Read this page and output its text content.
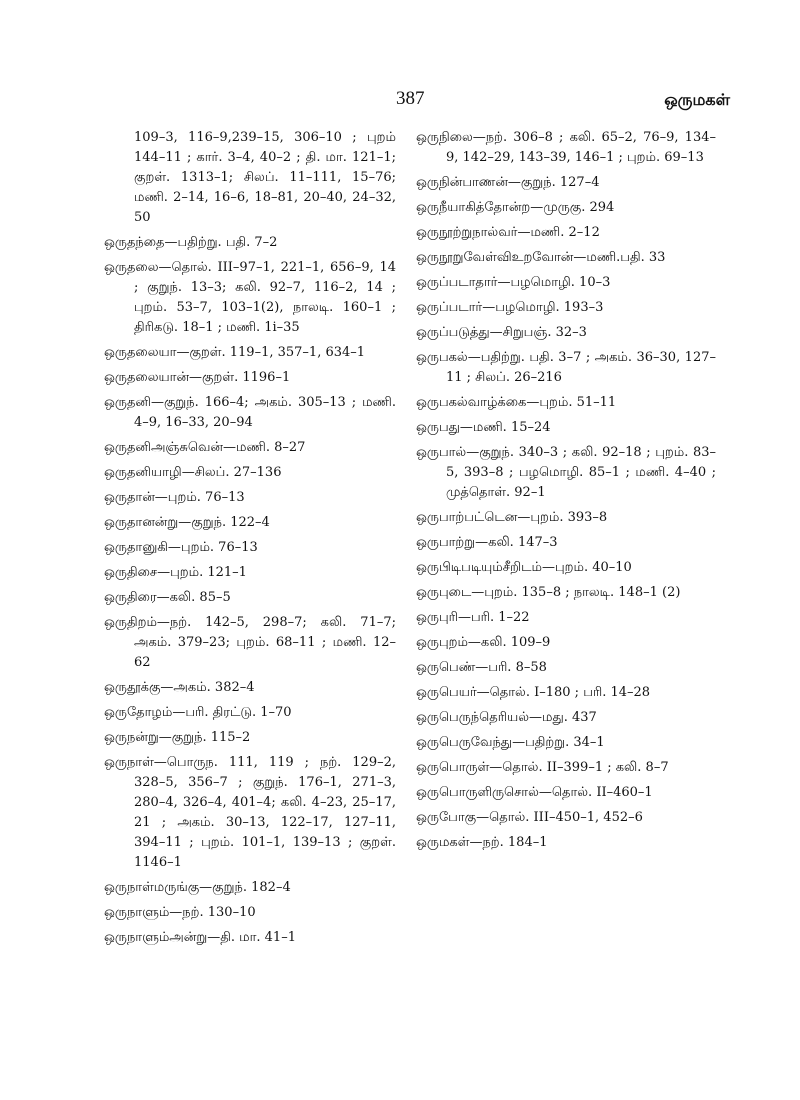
387	ஒருமகள்

109–3, 116–9,239–15, 306–10 ; புறம் 144–11 ; கார். 3–4, 40–2 ; தி. மா. 121–1; குறள். 1313–1; சிலப். 11–111, 15–76; மணி. 2–14, 16–6, 18–81, 20–40, 24–32, 50

ஒருதந்தை—பதிற்று. பதி. 7–2

ஒருதலை—தொல். III–97–1, 221–1, 656–9, 14 ; குறுந். 13–3; கலி. 92–7, 116–2, 14 ; புறம். 53–7, 103–1(2), நாலடி. 160–1 ; திரிகடு. 18–1 ; மணி. 1i–35

ஒருதலையா—குறள். 119–1, 357–1, 634–1

ஒருதலையான்—குறள். 1196–1

ஒருதனி—குறுந். 166–4; அகம். 305–13 ; மணி. 4–9, 16–33, 20–94

ஒருதனிஅஞ்சுவென்—மணி. 8–27

ஒருதனியாழி—சிலப். 27–136

ஒருதான்—புறம். 76–13

ஒருதானன்று—குறுந். 122–4

ஒருதானுகி—புறம். 76–13

ஒருதிசை—புறம். 121–1

ஒருதிரை—கலி. 85–5

ஒருதிறம்—நற். 142–5, 298–7; கலி. 71–7; அகம். 379–23; புறம். 68–11 ; மணி. 12–62

ஒருதூக்கு—அகம். 382–4

ஒருதோழம்—பரி. திரட்டு. 1–70

ஒருநன்று—குறுந். 115–2

ஒருநாள்—பொருந. 111, 119 ; நற். 129–2, 328–5, 356–7 ; குறுந். 176–1, 271–3, 280–4, 326–4, 401–4; கலி. 4–23, 25–17, 21 ; அகம். 30–13, 122–17, 127–11, 394–11 ; புறம். 101–1, 139–13 ; குறள். 1146–1

ஒருநாள்மருங்கு—குறுந். 182–4

ஒருநாளும்—நற். 130–10

ஒருநாளும்அன்று—தி. மா. 41–1

ஒருநிலை—நற். 306–8 ; கலி. 65–2, 76–9, 134–9, 142–29, 143–39, 146–1 ; புறம். 69–13

ஒருநின்பாணன்—குறுந். 127–4

ஒருநீயாகித்தோன்ற—முருகு. 294

ஒருநூற்றுநால்வர்—மணி. 2–12

ஒருநூறுவேள்விஉறவோன்—மணி.பதி. 33

ஒருப்படாதார்—பழமொழி. 10–3

ஒருப்படார்—பழமொழி. 193–3

ஒருப்படுத்து—சிறுபஞ். 32–3

ஒருபகல்—பதிற்று. பதி. 3–7 ; அகம். 36–30, 127–11 ; சிலப். 26–216

ஒருபகல்வாழ்க்கை—புறம். 51–11

ஒருபது—மணி. 15–24

ஒருபால்—குறுந். 340–3 ; கலி. 92–18 ; புறம். 83–5, 393–8 ; பழமொழி. 85–1 ; மணி. 4–40 ; முத்தொள். 92–1

ஒருபாற்பட்டென—புறம். 393–8

ஒருபாற்று—கலி. 147–3

ஒருபிடிபடியும்சீறிடம்—புறம். 40–10

ஒருபுடை—புறம். 135–8 ; நாலடி. 148–1 (2)

ஒருபுரி—பரி. 1–22

ஒருபுறம்—கலி. 109–9

ஒருபெண்—பரி. 8–58

ஒருபெயர்—தொல். I–180 ; பரி. 14–28

ஒருபெருந்தெரியல்—மது. 437

ஒருபெருவேந்து—பதிற்று. 34–1

ஒருபொருள்—தொல். II–399–1 ; கலி. 8–7

ஒருபொருளிருசொல்—தொல். II–460–1

ஒருபோகு—தொல். III–450–1, 452–6

ஒருமகள்—நற். 184–1
